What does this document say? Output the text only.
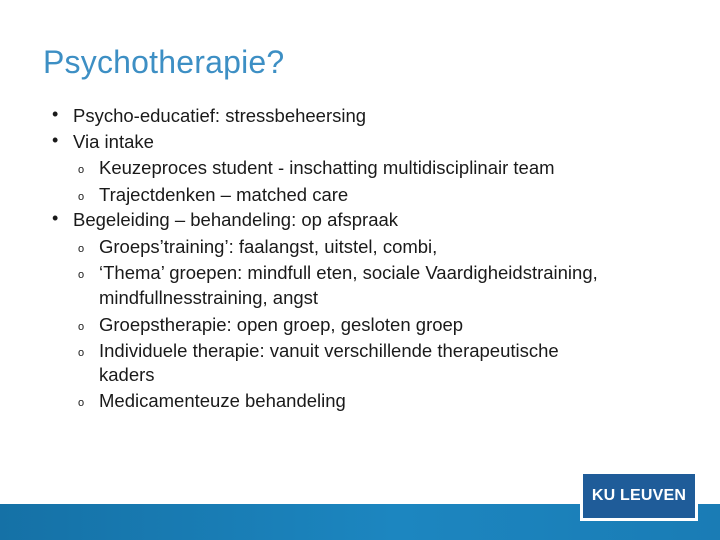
Psychotherapie?
• Psycho-educatief: stressbeheersing
• Via intake
o Keuzeproces student - inschatting multidisciplinair team
o Trajectdenken – matched care
• Begeleiding – behandeling: op afspraak
o Groeps’training’: faalangst, uitstel, combi,
o ‘Thema’ groepen: mindfull eten, sociale Vaardigheidstraining,
mindfullnesstraining, angst
o Groepstherapie: open groep, gesloten groep
o Individuele therapie: vanuit verschillende therapeutische
kaders
o Medicamenteuze behandeling
KU LEUVEN
